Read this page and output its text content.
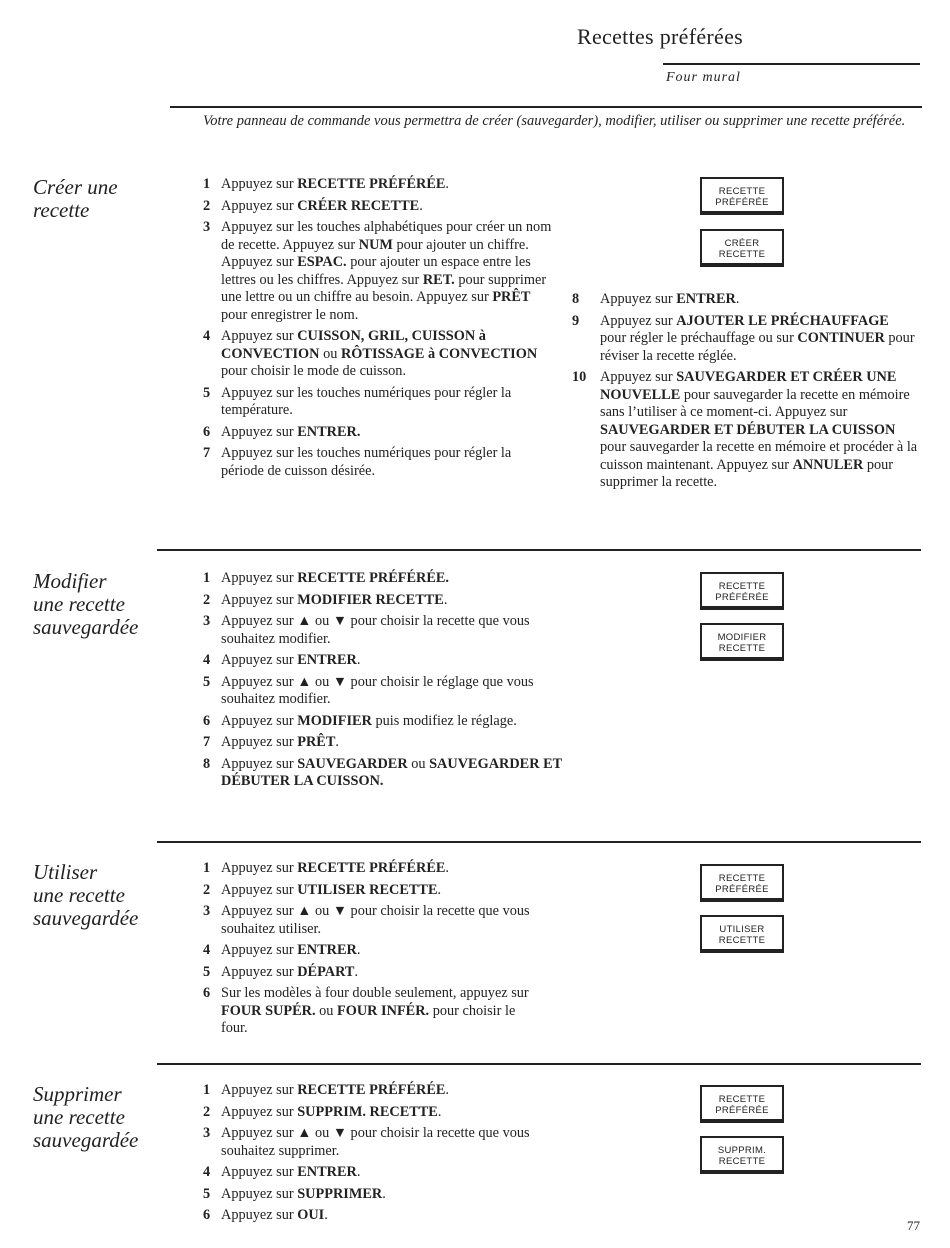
Recettes préférées
Four mural
Votre panneau de commande vous permettra de créer (sauvegarder), modifier, utiliser ou supprimer une recette préférée.
Créer une
recette
1 Appuyez sur RECETTE PRÉFÉRÉE.
2 Appuyez sur CRÉER RECETTE.
3 Appuyez sur les touches alphabétiques pour créer un nom de recette. Appuyez sur NUM pour ajouter un chiffre. Appuyez sur ESPAC. pour ajouter un espace entre les lettres ou les chiffres. Appuyez sur RET. pour supprimer une lettre ou un chiffre au besoin. Appuyez sur PRÊT pour enregistrer le nom.
4 Appuyez sur CUISSON, GRIL, CUISSON à CONVECTION ou RÔTISSAGE à CONVECTION pour choisir le mode de cuisson.
5 Appuyez sur les touches numériques pour régler la température.
6 Appuyez sur ENTRER.
7 Appuyez sur les touches numériques pour régler la période de cuisson désirée.
8 Appuyez sur ENTRER.
9 Appuyez sur AJOUTER LE PRÉCHAUFFAGE pour régler le préchauffage ou sur CONTINUER pour réviser la recette réglée.
10 Appuyez sur SAUVEGARDER ET CRÉER UNE NOUVELLE pour sauvegarder la recette en mémoire sans l’utiliser à ce moment-ci. Appuyez sur SAUVEGARDER ET DÉBUTER LA CUISSON pour sauvegarder la recette en mémoire et procéder à la cuisson maintenant. Appuyez sur ANNULER pour supprimer la recette.
RECETTE
PRÉFÉRÉE
CRÉER
RECETTE
Modifier
une recette
sauvegardée
1 Appuyez sur RECETTE PRÉFÉRÉE.
2 Appuyez sur MODIFIER RECETTE.
3 Appuyez sur ▲ ou ▼ pour choisir la recette que vous souhaitez modifier.
4 Appuyez sur ENTRER.
5 Appuyez sur ▲ ou ▼ pour choisir le réglage que vous souhaitez modifier.
6 Appuyez sur MODIFIER puis modifiez le réglage.
7 Appuyez sur PRÊT.
8 Appuyez sur SAUVEGARDER ou SAUVEGARDER ET DÉBUTER LA CUISSON.
RECETTE
PRÉFÉRÉE
MODIFIER
RECETTE
Utiliser
une recette
sauvegardée
1 Appuyez sur RECETTE PRÉFÉRÉE.
2 Appuyez sur UTILISER RECETTE.
3 Appuyez sur ▲ ou ▼ pour choisir la recette que vous souhaitez utiliser.
4 Appuyez sur ENTRER.
5 Appuyez sur DÉPART.
6 Sur les modèles à four double seulement, appuyez sur FOUR SUPÉR. ou FOUR INFÉR. pour choisir le four.
RECETTE
PRÉFÉRÉE
UTILISER
RECETTE
Supprimer
une recette
sauvegardée
1 Appuyez sur RECETTE PRÉFÉRÉE.
2 Appuyez sur SUPPRIM. RECETTE.
3 Appuyez sur ▲ ou ▼ pour choisir la recette que vous souhaitez supprimer.
4 Appuyez sur ENTRER.
5 Appuyez sur SUPPRIMER.
6 Appuyez sur OUI.
RECETTE
PRÉFÉRÉE
SUPPRIM.
RECETTE
77
